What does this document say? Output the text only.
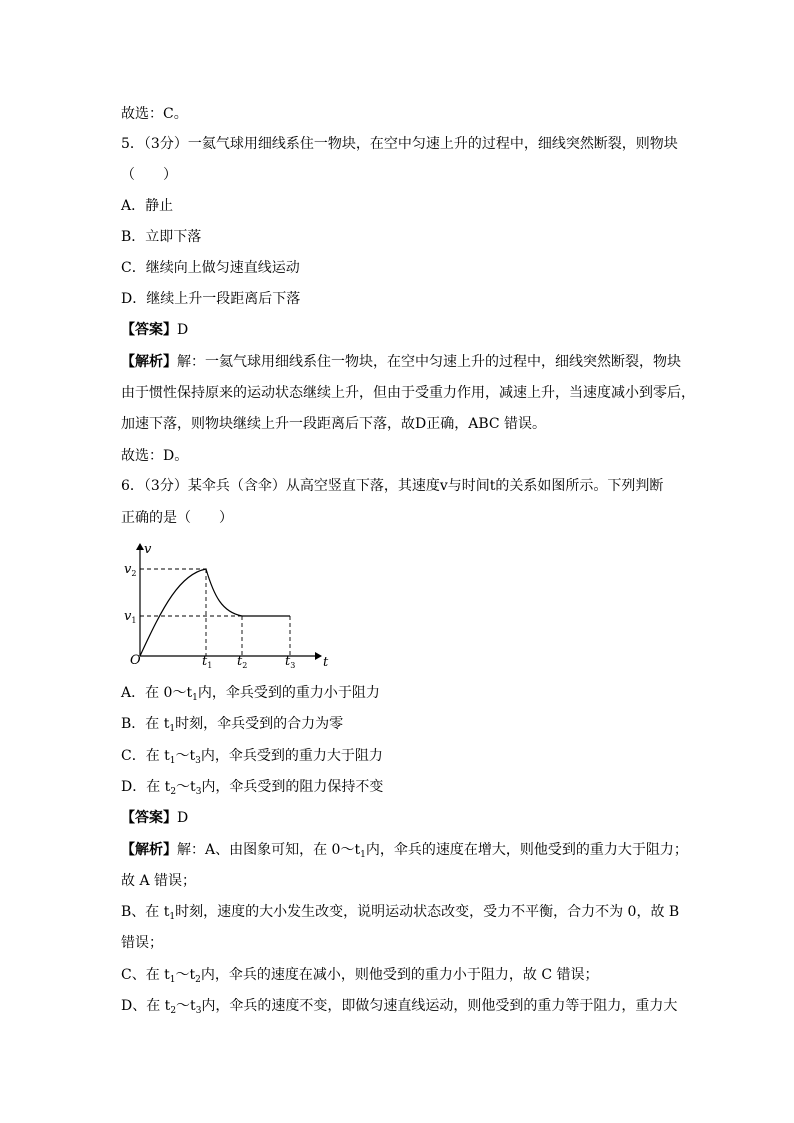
故选：C。
5．（3分）一氦气球用细线系住一物块，在空中匀速上升的过程中，细线突然断裂，则物块
（　　）
A．静止
B．立即下落
C．继续向上做匀速直线运动
D．继续上升一段距离后下落
【答案】D
【解析】解：一氦气球用细线系住一物块，在空中匀速上升的过程中，细线突然断裂，物块
由于惯性保持原来的运动状态继续上升，但由于受重力作用，减速上升，当速度减小到零后，
加速下落，则物块继续上升一段距离后下落，故D正确，ABC 错误。
故选：D。
6．（3分）某伞兵（含伞）从高空竖直下落，其速度v与时间t的关系如图所示。下列判断
正确的是（　　）
v
t
O
$v_2$
$v_1$
$t_1$ $t_2$	$t_3$
A．在 $0\sim t_1$内，伞兵受到的重力小于阻力
B．在 $t_1$时刻，伞兵受到的合力为零
C．在 $t_1\sim t_3$内，伞兵受到的重力大于阻力
D．在 $t_2\sim t_3$内，伞兵受到的阻力保持不变
【答案】D
【解析】解：A、由图象可知，在 $0\sim t_1$内，伞兵的速度在增大，则他受到的重力大于阻力；
故 A 错误；
B、在 $t_1$时刻，速度的大小发生改变，说明运动状态改变，受力不平衡，合力不为 0，故 B
错误；
C、在 $t_1\sim t_2$内，伞兵的速度在减小，则他受到的重力小于阻力，故 C 错误；
D、在 $t_2\sim t_3$内，伞兵的速度不变，即做匀速直线运动，则他受到的重力等于阻力，重力大
